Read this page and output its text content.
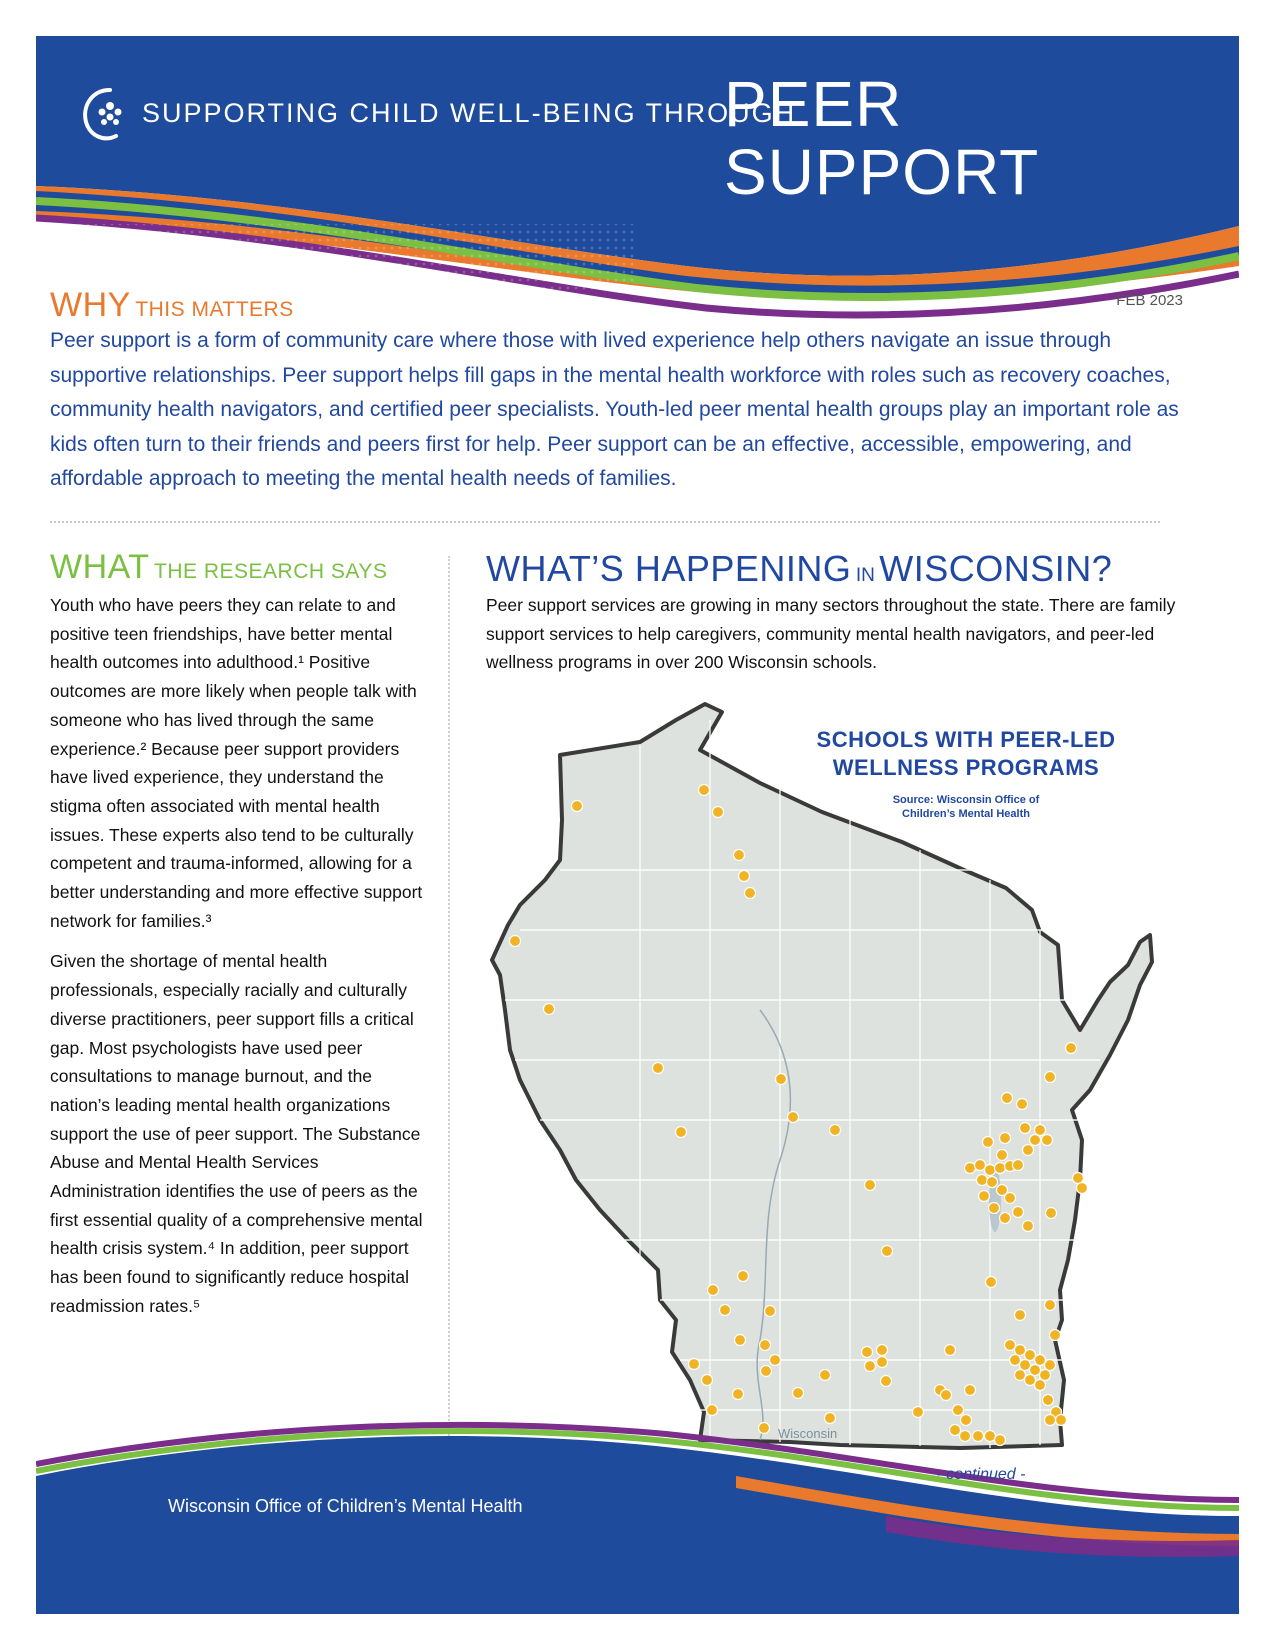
SUPPORTING CHILD WELL-BEING THROUGH
PEER
SUPPORT
FEB 2023
WHY THIS MATTERS

Peer support is a form of community care where those with lived experience help others navigate an issue through supportive relationships. Peer support helps fill gaps in the mental health workforce with roles such as recovery coaches, community health navigators, and certified peer specialists. Youth-led peer mental health groups play an important role as kids often turn to their friends and peers first for help. Peer support can be an effective, accessible, empowering, and affordable approach to meeting the mental health needs of families.

WHAT THE RESEARCH SAYS

Youth who have peers they can relate to and positive teen friendships, have better mental health outcomes into adulthood.¹ Positive outcomes are more likely when people talk with someone who has lived through the same experience.² Because peer support providers have lived experience, they understand the stigma often associated with mental health issues. These experts also tend to be culturally competent and trauma-informed, allowing for a better understanding and more effective support network for families.³

Given the shortage of mental health professionals, especially racially and culturally diverse practitioners, peer support fills a critical gap. Most psychologists have used peer consultations to manage burnout, and the nation’s leading mental health organizations support the use of peer support. The Substance Abuse and Mental Health Services Administration identifies the use of peers as the first essential quality of a comprehensive mental health crisis system.⁴ In addition, peer support has been found to significantly reduce hospital readmission rates.⁵

WHAT’S HAPPENING IN WISCONSIN?

Peer support services are growing in many sectors throughout the state. There are family support services to help caregivers, community mental health navigators, and peer-led wellness programs in over 200 Wisconsin schools.

SCHOOLS WITH PEER-LED
WELLNESS PROGRAMS

Source: Wisconsin Office of
Children’s Mental Health
Wisconsin
- continued -
Wisconsin Office of Children’s Mental Health
